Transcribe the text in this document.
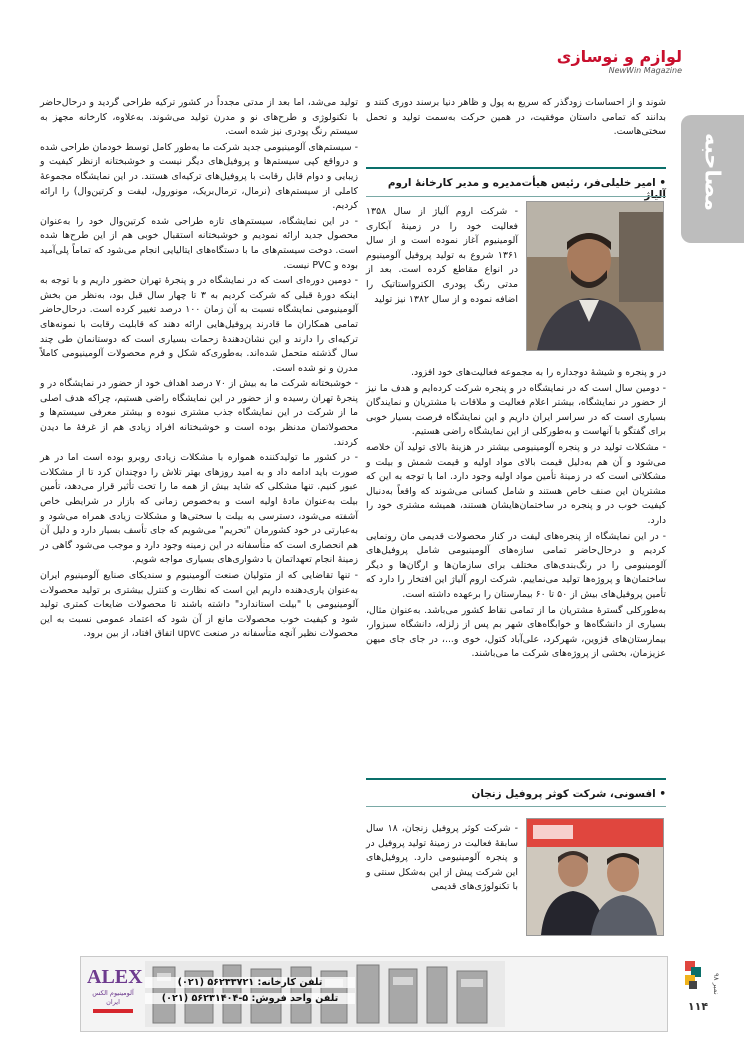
لوازم و نوسازی
NewWin Magazine
مصاحبه
شوند و از احساسات زودگذر که سریع به پول و ظاهر دنیا برسند دوری کنند و بدانند که تمامی داستان موفقیت، در همین حرکت به‌سمت تولید و تحمل سختی‌هاست.
• امیر خلیلی‌فر، رئیس هیأت‌مدیره و مدیر کارخانهٔ اروم آلیاژ
- شرکت اروم آلیاژ از سال ۱۳۵۸ فعالیت خود را در زمینهٔ آبکاری آلومینیوم آغاز نموده است و از سال ۱۳۶۱ شروع به تولید پروفیل آلومینیوم در انواع مقاطع کرده است. بعد از مدتی رنگ پودری الکترواستاتیک را اضافه نموده و از سال ۱۳۸۲ نیز تولید

در و پنجره و شیشهٔ دوجداره را به مجموعه فعالیت‌های خود افزود.

- دومین سال است که در نمایشگاه در و پنجره شرکت کرده‌ایم و هدف ما نیز از حضور در نمایشگاه، بیشتر اعلام فعالیت و ملاقات با مشتریان و نمایندگان بسیاری است که در سراسر ایران داریم و این نمایشگاه فرصت بسیار خوبی برای گفتگو با آنهاست و به‌طورکلی از این نمایشگاه راضی هستیم.

- مشکلات تولید در و پنجره آلومینیومی بیشتر در هزینهٔ بالای تولید آن خلاصه می‌شود و آن هم به‌دلیل قیمت بالای مواد اولیه و قیمت شمش و بیلت و مشکلاتی است که در زمینهٔ تأمین مواد اولیه وجود دارد. اما با توجه به این که مشتریان این صنف خاص هستند و شامل کسانی می‌شوند که واقعاً به‌دنبال کیفیت خوب در و پنجره در ساختمان‌هایشان هستند، همیشه مشتری خود را دارد.

- در این نمایشگاه از پنجره‌های لیفت در کنار محصولات قدیمی مان رونمایی کردیم و درحال‌حاضر تمامی سازه‌های آلومینیومی شامل پروفیل‌های آلومینیومی را در رنگ‌بندی‌های مختلف برای سازمان‌ها و ارگان‌ها و دیگر ساختمان‌ها و پروژه‌ها تولید می‌نماییم. شرکت اروم آلیاژ این افتخار را دارد که تأمین پروفیل‌های بیش از ۵۰ تا ۶۰ بیمارستان را برعهده داشته است.

به‌طورکلی گسترهٔ مشتریان ما از تمامی نقاط کشور می‌باشد. به‌عنوان مثال، بسیاری از دانشگاه‌ها و خوابگاه‌های شهر بم پس از زلزله، دانشگاه سبزوار، بیمارستان‌های قزوین، شهرکرد، علی‌آباد کتول، خوی و...، در جای جای میهن عزیزمان، بخشی از پروژه‌های شرکت ما می‌باشند.

• افسونی، شرکت کوثر پروفیل زنجان
- شرکت کوثر پروفیل زنجان، ۱۸ سال سابقهٔ فعالیت در زمینهٔ تولید پروفیل در و پنجره آلومینیومی دارد. پروفیل‌های این شرکت پیش از این به‌شکل سنتی و با تکنولوژی‌های قدیمی

تولید می‌شد، اما بعد از مدتی مجدداً در کشور ترکیه طراحی گردید و درحال‌حاضر با تکنولوژی و طرح‌های نو و مدرن تولید می‌شوند. به‌علاوه، کارخانه مجهز به سیستم رنگ پودری نیز شده است.

- سیستم‌های آلومینیومی جدید شرکت ما به‌طور کامل توسط خودمان طراحی شده و درواقع کپی سیستم‌ها و پروفیل‌های دیگر نیست و خوشبختانه ازنظر کیفیت و زیبایی و دوام قابل رقابت با پروفیل‌های ترکیه‌ای هستند. در این نمایشگاه مجموعهٔ کاملی از سیستم‌های (نرمال، ترمال‌بریک، مونورول، لیفت و کرتین‌وال) را ارائه کردیم.

- در این نمایشگاه، سیستم‌های تازه طراحی شده کرتین‌وال خود را به‌عنوان محصول جدید ارائه نمودیم و خوشبختانه استقبال خوبی هم از این طرح‌ها شده است. دوخت سیستم‌های ما با دستگاه‌های ایتالیایی انجام می‌شود که تماماً پلی‌آمید بوده و PVC نیست.

- دومین دوره‌ای است که در نمایشگاه در و پنجرهٔ تهران حضور داریم و با توجه به اینکه دورهٔ قبلی که شرکت کردیم به ۳ تا چهار سال قبل بود، به‌نظر من بخش آلومینیومی نمایشگاه نسبت به آن زمان ۱۰۰ درصد تغییر کرده است. درحال‌حاضر تمامی همکاران ما قادرند پروفیل‌هایی ارائه دهند که قابلیت رقابت با نمونه‌های ترکیه‌ای را دارند و این نشان‌دهندهٔ زحمات بسیاری است که دوستانمان طی چند سال گذشته متحمل شده‌اند. به‌طوری‌که شکل و فرم محصولات آلومینیومی کاملاً مدرن و نو شده است.

- خوشبختانه شرکت ما به بیش از ۷۰ درصد اهداف خود از حضور در نمایشگاه در و پنجرهٔ تهران رسیده و از حضور در این نمایشگاه راضی هستیم، چراکه هدف اصلی ما از شرکت در این نمایشگاه جذب مشتری نبوده و بیشتر معرفی سیستم‌ها و محصولاتمان مدنظر بوده است و خوشبختانه افراد زیادی هم از غرفهٔ ما دیدن کردند.

- در کشور ما تولیدکننده همواره با مشکلات زیادی روبرو بوده است اما در هر صورت باید ادامه داد و به امید روزهای بهتر تلاش را دوچندان کرد تا از مشکلات عبور کنیم. تنها مشکلی که شاید بیش از همه ما را تحت تأثیر قرار می‌دهد، تأمین بیلت به‌عنوان مادهٔ اولیه است و به‌خصوص زمانی که بازار در شرایطی خاص آشفته می‌شود، دسترسی به بیلت با سختی‌ها و مشکلات زیادی همراه می‌شود و به‌عبارتی در خود کشورمان "تحریم" می‌شویم که جای تأسف بسیار دارد و دلیل آن هم انحصاری است که متأسفانه در این زمینه وجود دارد و موجب می‌شود گاهی در زمینهٔ انجام تعهداتمان با دشواری‌های بسیاری مواجه شویم.

- تنها تقاضایی که از متولیان صنعت آلومینیوم و سندیکای صنایع آلومینیوم ایران به‌عنوان یاری‌دهنده داریم این است که نظارت و کنترل بیشتری بر تولید محصولات آلومینیومی با "بیلت استاندارد" داشته باشند تا محصولات ضایعات کمتری تولید شود و کیفیت خوب محصولات مانع از آن شود که اعتماد عمومی نسبت به این محصولات نظیر آنچه متأسفانه در صنعت upvc اتفاق افتاد، از بین برود.

تلفن کارخانه: ۵۶۲۳۳۷۲۱ (۰۲۱)
تلفن واحد فروش: ۵-۵۶۲۳۱۴۰۴ (۰۲۱)
ALEX
آلومینیوم الکس ایران
نمبر ۹۸
۱۱۴
